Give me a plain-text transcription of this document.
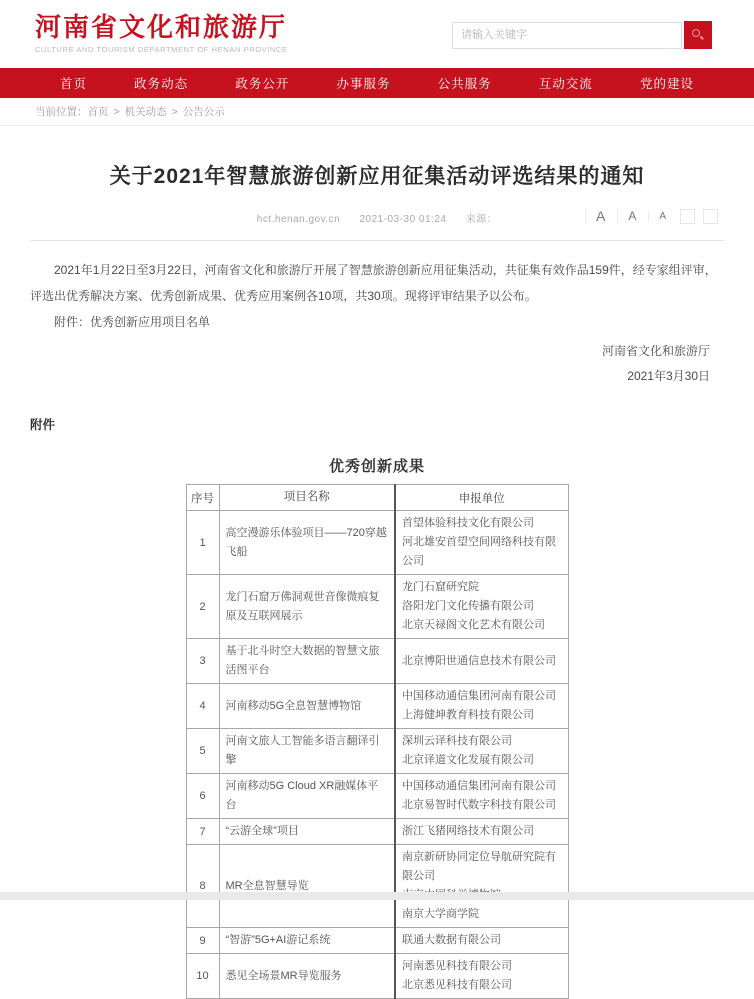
河南省文化和旅游厅
CULTURE AND TOURISM DEPARTMENT OF HENAN PROVINCE
请输入关键字
首页	政务动态	政务公开	办事服务	公共服务	互动交流	党的建设
当前位置： 首页 > 机关动态 > 公告公示
关于2021年智慧旅游创新应用征集活动评选结果的通知
hct.henan.gov.cn 2021-03-30 01:24 来源：	A	A	A

2021年1月22日至3月22日，河南省文化和旅游厅开展了智慧旅游创新应用征集活动，共征集有效作品159件，经专家组评审，评选出优秀解决方案、优秀创新成果、优秀应用案例各10项，共30项。现将评审结果予以公布。

附件：优秀创新应用项目名单

河南省文化和旅游厅
2021年3月30日
附件
优秀创新成果
序号	项目名称	申报单位
1	高空漫游乐体验项目——720穿越飞船	首望体验科技文化有限公司
河北雄安首望空间网络科技有限公司

2	龙门石窟万佛洞观世音像微痕复原及互联网展示	龙门石窟研究院
洛阳龙门文化传播有限公司
北京天禄阁文化艺术有限公司

3	基于北斗时空大数据的智慧文旅活图平台	北京博阳世通信息技术有限公司

4	河南移动5G全息智慧博物馆	中国移动通信集团河南有限公司
上海健坤教育科技有限公司

5	河南文旅人工智能多语言翻译引擎	深圳云译科技有限公司
北京译道文化发展有限公司

6	河南移动5G Cloud XR融媒体平台	中国移动通信集团河南有限公司
北京易智时代数字科技有限公司

7	“云游全球”项目	浙江飞猪网络技术有限公司

8	MR全息智慧导览	南京新研协同定位导航研究院有限公司
南京大学商学院

9	“智游”5G+AI游记系统	联通大数据有限公司

10	悉见全场景MR导览服务	河南悉见科技有限公司
北京悉见科技有限公司
